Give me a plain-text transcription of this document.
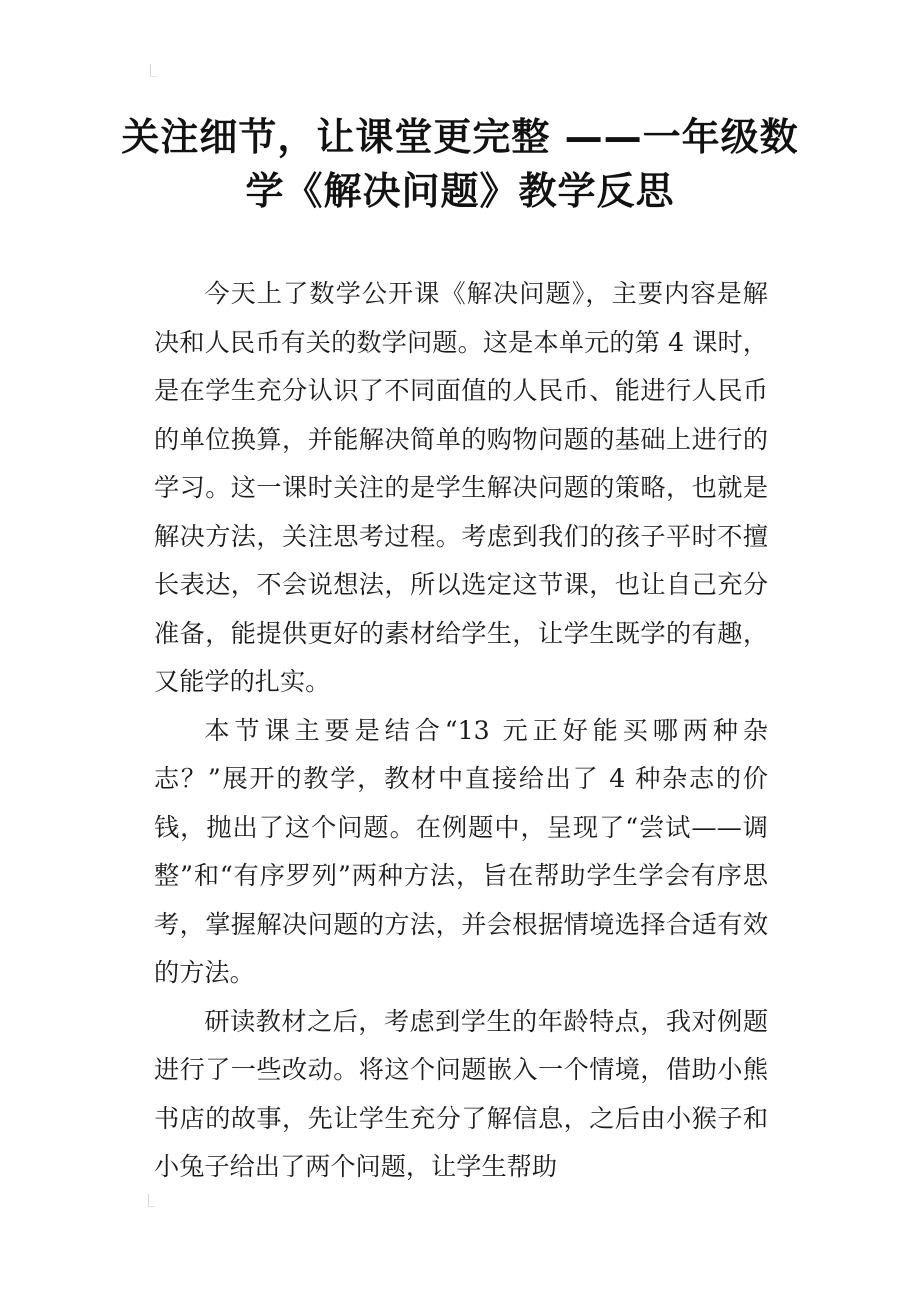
关注细节，让课堂更完整 ——一年级数
学《解决问题》教学反思

今天上了数学公开课《解决问题》，主要内容是解决和人民币有关的数学问题。这是本单元的第 4 课时，是在学生充分认识了不同面值的人民币、能进行人民币的单位换算，并能解决简单的购物问题的基础上进行的学习。这一课时关注的是学生解决问题的策略，也就是解决方法，关注思考过程。考虑到我们的孩子平时不擅长表达，不会说想法，所以选定这节课，也让自己充分准备，能提供更好的素材给学生，让学生既学的有趣，又能学的扎实。

本节课主要是结合“13 元正好能买哪两种杂志？”展开的教学，教材中直接给出了 4 种杂志的价钱，抛出了这个问题。在例题中，呈现了“尝试——调整”和“有序罗列”两种方法，旨在帮助学生学会有序思考，掌握解决问题的方法，并会根据情境选择合适有效的方法。

研读教材之后，考虑到学生的年龄特点，我对例题进行了一些改动。将这个问题嵌入一个情境，借助小熊书店的故事，先让学生充分了解信息，之后由小猴子和小兔子给出了两个问题，让学生帮助
